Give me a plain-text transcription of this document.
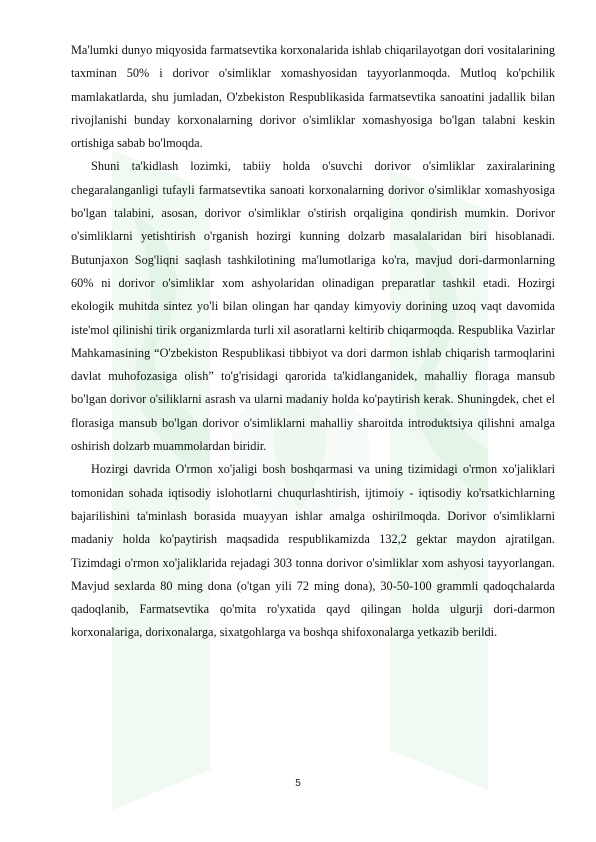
Ma'lumki dunyo miqyosida farmatsevtika korxonalarida ishlab chiqarilayotgan dori vositalarining taxminan 50% i dorivor o'simliklar xomashyosidan tayyorlanmoqda. Mutloq ko'pchilik mamlakatlarda, shu jumladan, O'zbekiston Respublikasida farmatsevtika sanoatini jadallik bilan rivojlanishi bunday korxonalarning dorivor o'simliklar xomashyosiga bo'lgan talabni keskin ortishiga sabab bo'lmoqda.

Shuni ta'kidlash lozimki, tabiiy holda o'suvchi dorivor o'simliklar zaxiralarining chegaralanganligi tufayli farmatsevtika sanoati korxonalarning dorivor o'simliklar xomashyosiga bo'lgan talabini, asosan, dorivor o'simliklar o'stirish orqaligina qondirish mumkin. Dorivor o'simliklarni yetishtirish o'rganish hozirgi kunning dolzarb masalalaridan biri hisoblanadi. Butunjaxon Sog'liqni saqlash tashkilotining ma'lumotlariga ko'ra, mavjud dori-darmonlarning 60% ni dorivor o'simliklar xom ashyolaridan olinadigan preparatlar tashkil etadi. Hozirgi ekologik muhitda sintez yo'li bilan olingan har qanday kimyoviy dorining uzoq vaqt davomida iste'mol qilinishi tirik organizmlarda turli xil asoratlarni keltirib chiqarmoqda. Respublika Vazirlar Mahkamasining “O'zbekiston Respublikasi tibbiyot va dori darmon ishlab chiqarish tarmoqlarini davlat muhofozasiga olish” to'g'risidagi qarorida ta'kidlanganidek, mahalliy floraga mansub bo'lgan dorivor o'siliklarni asrash va ularni madaniy holda ko'paytirish kerak. Shuningdek, chet el florasiga mansub bo'lgan dorivor o'simliklarni mahalliy sharoitda introduktsiya qilishni amalga oshirish dolzarb muammolardan biridir.

Hozirgi davrida O'rmon xo'jaligi bosh boshqarmasi va uning tizimidagi o'rmon xo'jaliklari tomonidan sohada iqtisodiy islohotlarni chuqurlashtirish, ijtimoiy - iqtisodiy ko'rsatkichlarning bajarilishini ta'minlash borasida muayyan ishlar amalga oshirilmoqda. Dorivor o'simliklarni madaniy holda ko'paytirish maqsadida respublikamizda 132,2 gektar maydon ajratilgan. Tizimdagi o'rmon xo'jaliklarida rejadagi 303 tonna dorivor o'simliklar xom ashyosi tayyorlangan. Mavjud sexlarda 80 ming dona (o'tgan yili 72 ming dona), 30-50-100 grammli qadoqchalarda qadoqlanib, Farmatsevtika qo'mita ro'yxatida qayd qilingan holda ulgurji dori-darmon korxonalariga, dorixonalarga, sixatgohlarga va boshqa shifoxonalarga yetkazib berildi.

5
